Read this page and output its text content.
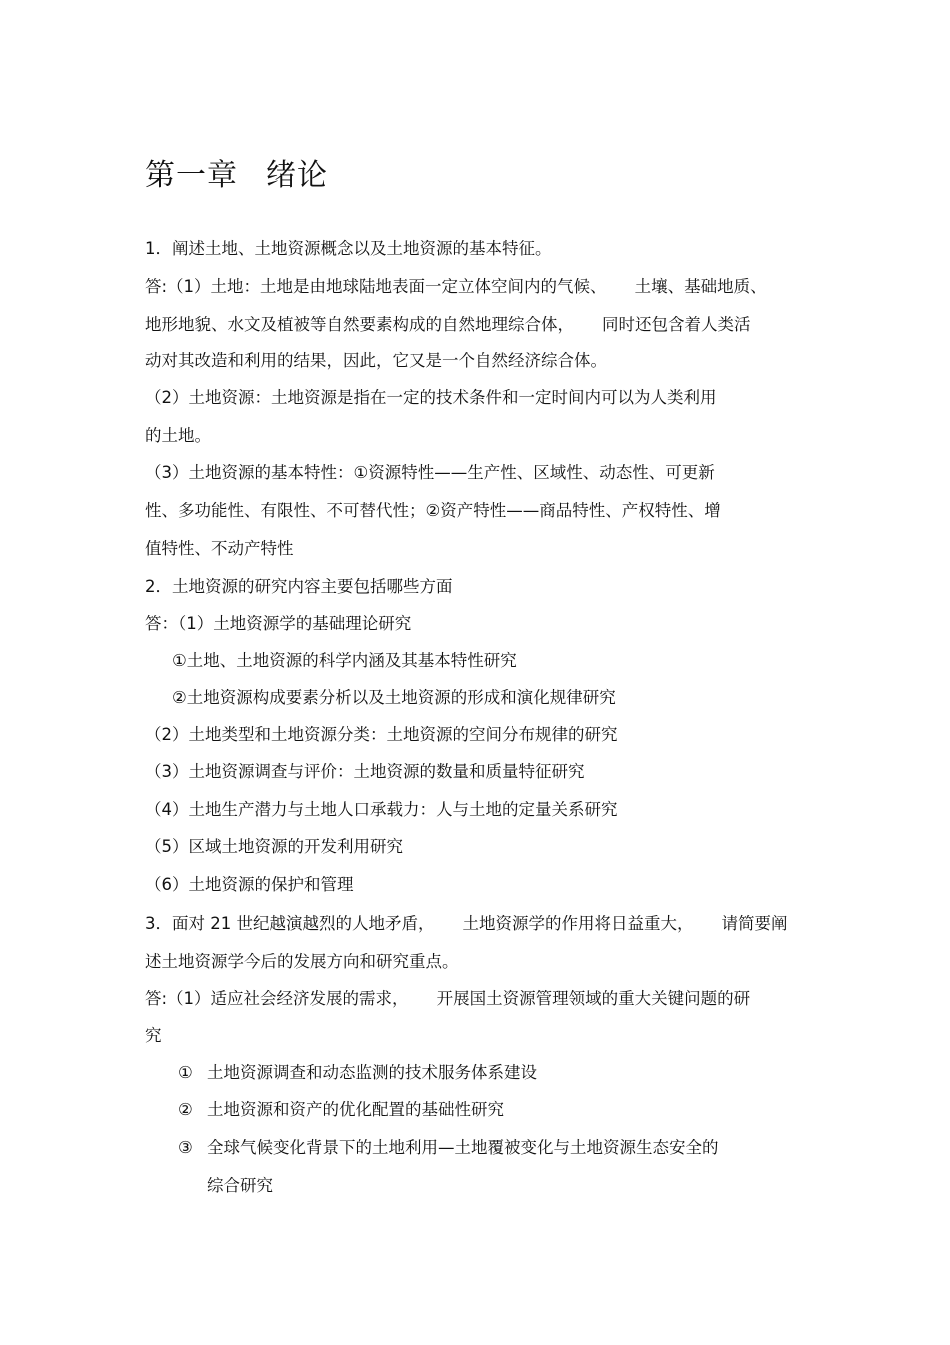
第一章 绪论

1．阐述土地、土地资源概念以及土地资源的基本特征。

答:（1）土地：土地是由地球陆地表面一定立体空间内的气候、 土壤、基础地质、

地形地貌、水文及植被等自然要素构成的自然地理综合体， 同时还包含着人类活

动对其改造和利用的结果，因此，它又是一个自然经济综合体。

（2）土地资源：土地资源是指在一定的技术条件和一定时间内可以为人类利用

的土地。

（3）土地资源的基本特性：①资源特性——生产性、区域性、动态性、可更新

性、多功能性、有限性、不可替代性；②资产特性——商品特性、产权特性、增

值特性、不动产特性

2．土地资源的研究内容主要包括哪些方面

答：（1）土地资源学的基础理论研究

①土地、土地资源的科学内涵及其基本特性研究

②土地资源构成要素分析以及土地资源的形成和演化规律研究

（2）土地类型和土地资源分类：土地资源的空间分布规律的研究

（3）土地资源调查与评价：土地资源的数量和质量特征研究

（4）土地生产潜力与土地人口承载力：人与土地的定量关系研究

（5）区域土地资源的开发利用研究

（6）土地资源的保护和管理

3．面对 21 世纪越演越烈的人地矛盾， 土地资源学的作用将日益重大， 请简要阐

述土地资源学今后的发展方向和研究重点。

答:（1）适应社会经济发展的需求， 开展国土资源管理领域的重大关键问题的研

究

① 土地资源调查和动态监测的技术服务体系建设

② 土地资源和资产的优化配置的基础性研究

③ 全球气候变化背景下的土地利用—土地覆被变化与土地资源生态安全的

综合研究
